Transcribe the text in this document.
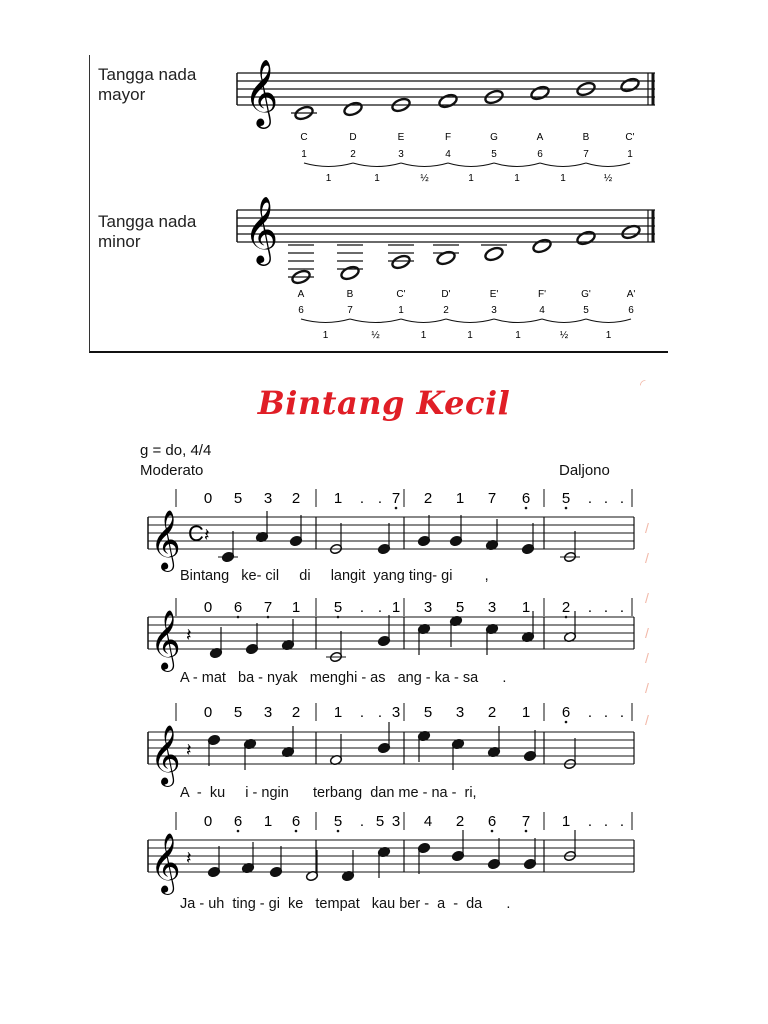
Tangga nada
mayor
Tangga nada
minor
𝄞
C
1
1
D
2
1
E
3
½
F
4
1
G
5
1
A
6
1
B
7
½
C'
1
𝄞
A
6
1
B
7
½
C'
1
1
D'
2
1
E'
3
1
F'
4
½
G'
5
1
A'
6
Bintang Kecil	◜
g = do, 4/4
Moderato	Daljono
𝄞 C 𝄽
0 5 3 2 1 . . 7 2 1 7 6 5 . . .
𝄞 𝄽
0 6 7 1 5 . . 1 3 5 3 1 2 . . .
𝄞 𝄽
0 5 3 2 1 . . 3 5 3 2 1 6 . . .
𝄞 𝄽
0 6 1 6 5 . 5 3 4 2 6 7 1 . . .
Bintang   ke- cil     di     langit  yang ting- gi        ,
A - mat   ba - nyak   menghi - as   ang - ka - sa      .
A  -  ku     i - ngin      terbang  dan me - na -  ri,
Ja - uh  ting - gi  ke   tempat   kau ber -  a  -  da      .
/
/
/
/
/
/
/
